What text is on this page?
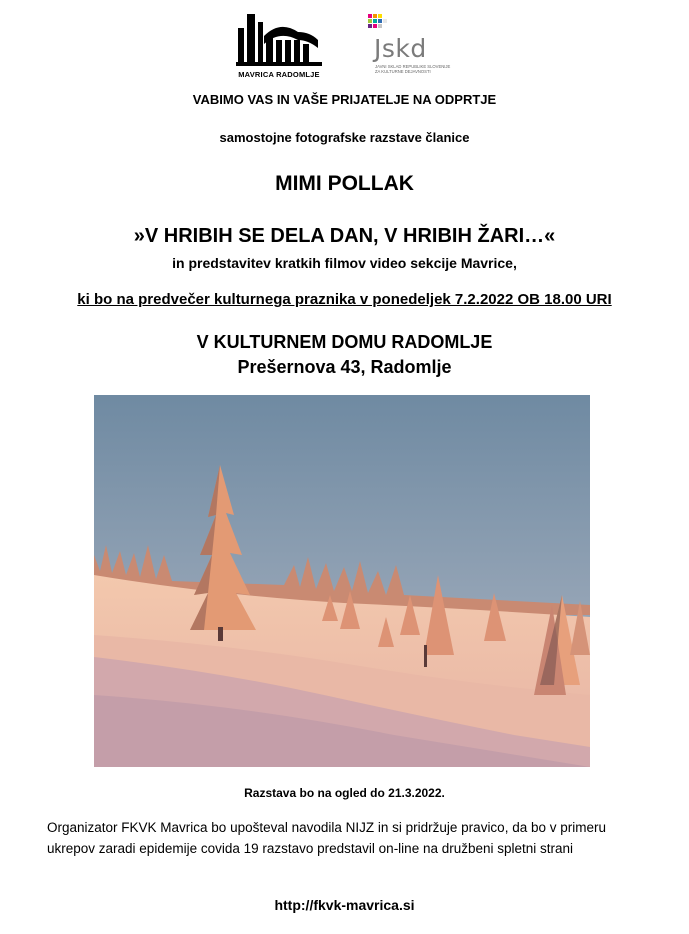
MAVRICA RADOMLJE
Jskd
JAVNI SKLAD REPUBLIKE SLOVENIJE
ZA KULTURNE DEJAVNOSTI
VABIMO VAS IN VAŠE PRIJATELJE NA ODPRTJE
samostojne fotografske razstave članice
MIMI POLLAK
»V HRIBIH SE DELA DAN, V HRIBIH ŽARI…«
in predstavitev kratkih filmov video sekcije Mavrice,
ki bo na predvečer kulturnega praznika v ponedeljek 7.2.2022 OB 18.00 URI
V KULTURNEM DOMU RADOMLJE
Prešernova 43, Radomlje
Razstava bo na ogled do 21.3.2022.
Organizator FKVK Mavrica bo upošteval navodila NIJZ in si pridržuje pravico, da bo v primeru ukrepov zaradi epidemije covida 19 razstavo predstavil on-line na družbeni spletni strani
http://fkvk-mavrica.si
